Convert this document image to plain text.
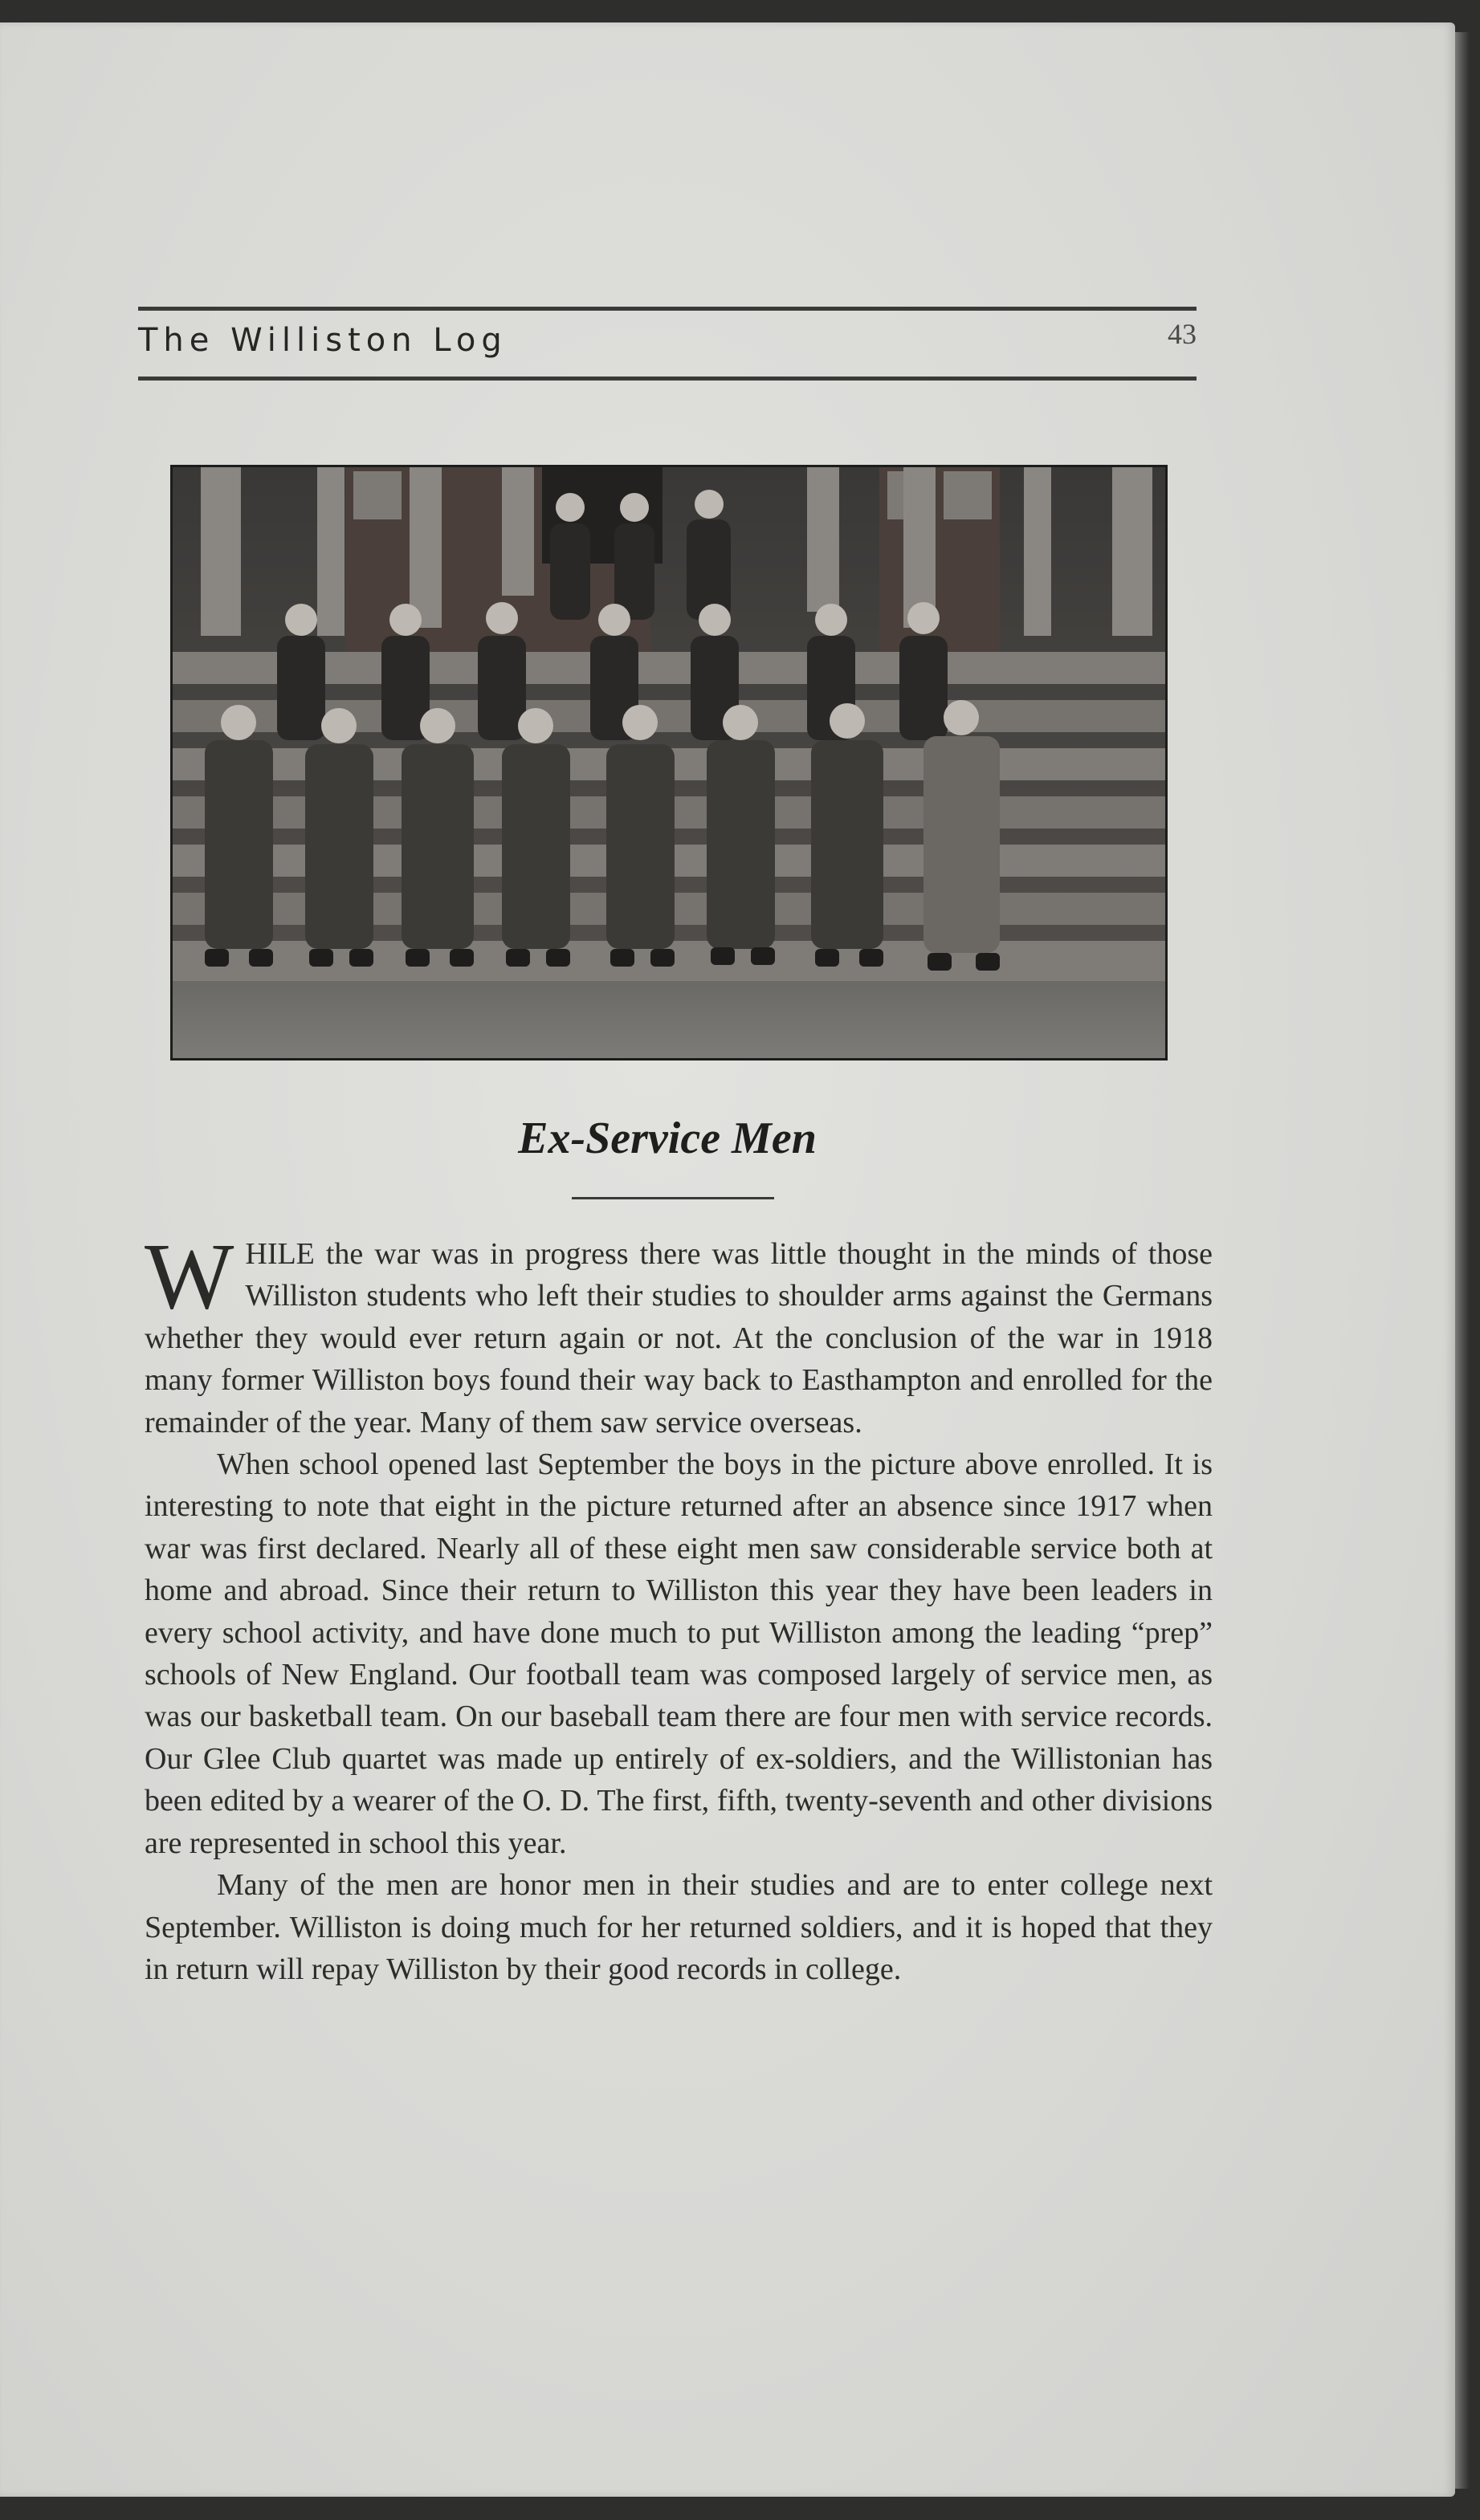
The Williston Log	43
Ex-Service Men

WHILE the war was in progress there was little thought in the minds of those Williston students who left their studies to shoulder arms against the Germans whether they would ever return again or not. At the conclusion of the war in 1918 many former Williston boys found their way back to Easthampton and enrolled for the remainder of the year. Many of them saw service overseas.

When school opened last September the boys in the picture above enrolled. It is interesting to note that eight in the picture returned after an absence since 1917 when war was first declared. Nearly all of these eight men saw considerable service both at home and abroad. Since their return to Williston this year they have been leaders in every school activity, and have done much to put Williston among the leading “prep” schools of New England. Our football team was composed largely of service men, as was our basketball team. On our baseball team there are four men with service records. Our Glee Club quartet was made up entirely of ex-soldiers, and the Willistonian has been edited by a wearer of the O. D. The first, fifth, twenty-seventh and other divisions are represented in school this year.

Many of the men are honor men in their studies and are to enter college next September. Williston is doing much for her returned soldiers, and it is hoped that they in return will repay Williston by their good records in college.
